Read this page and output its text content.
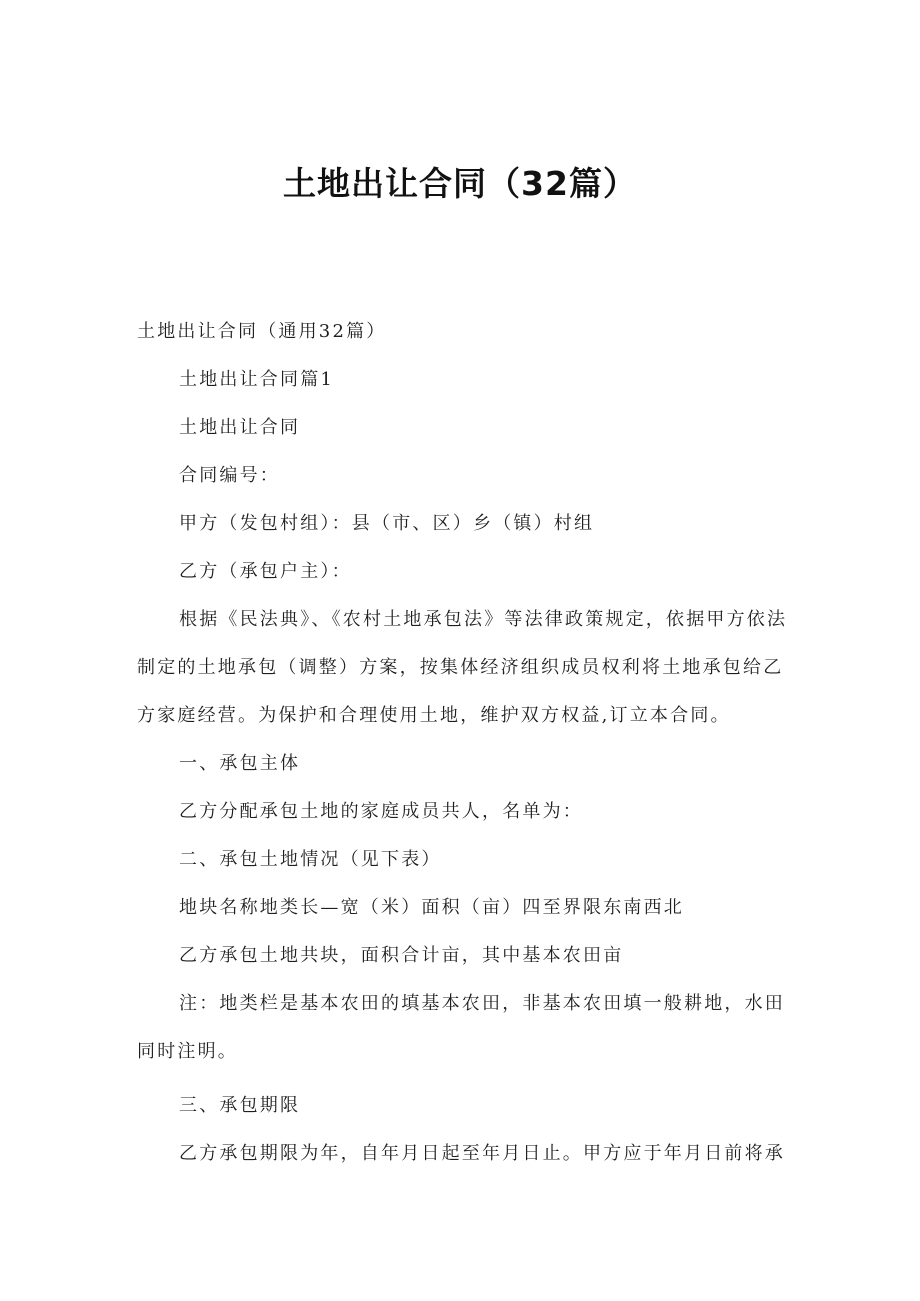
土地出让合同（32篇）

土地出让合同（通用32篇）

土地出让合同篇1

土地出让合同

合同编号：

甲方（发包村组）：县（市、区）乡（镇）村组

乙方（承包户主）：

根据《民法典》、《农村土地承包法》等法律政策规定，依据甲方依法制定的土地承包（调整）方案，按集体经济组织成员权利将土地承包给乙方家庭经营。为保护和合理使用土地，维护双方权益,订立本合同。

一、承包主体

乙方分配承包土地的家庭成员共人，名单为：

二、承包土地情况（见下表）

地块名称地类长—宽（米）面积（亩）四至界限东南西北

乙方承包土地共块，面积合计亩，其中基本农田亩

注：地类栏是基本农田的填基本农田，非基本农田填一般耕地，水田同时注明。

三、承包期限

乙方承包期限为年，自年月日起至年月日止。甲方应于年月日前将承
